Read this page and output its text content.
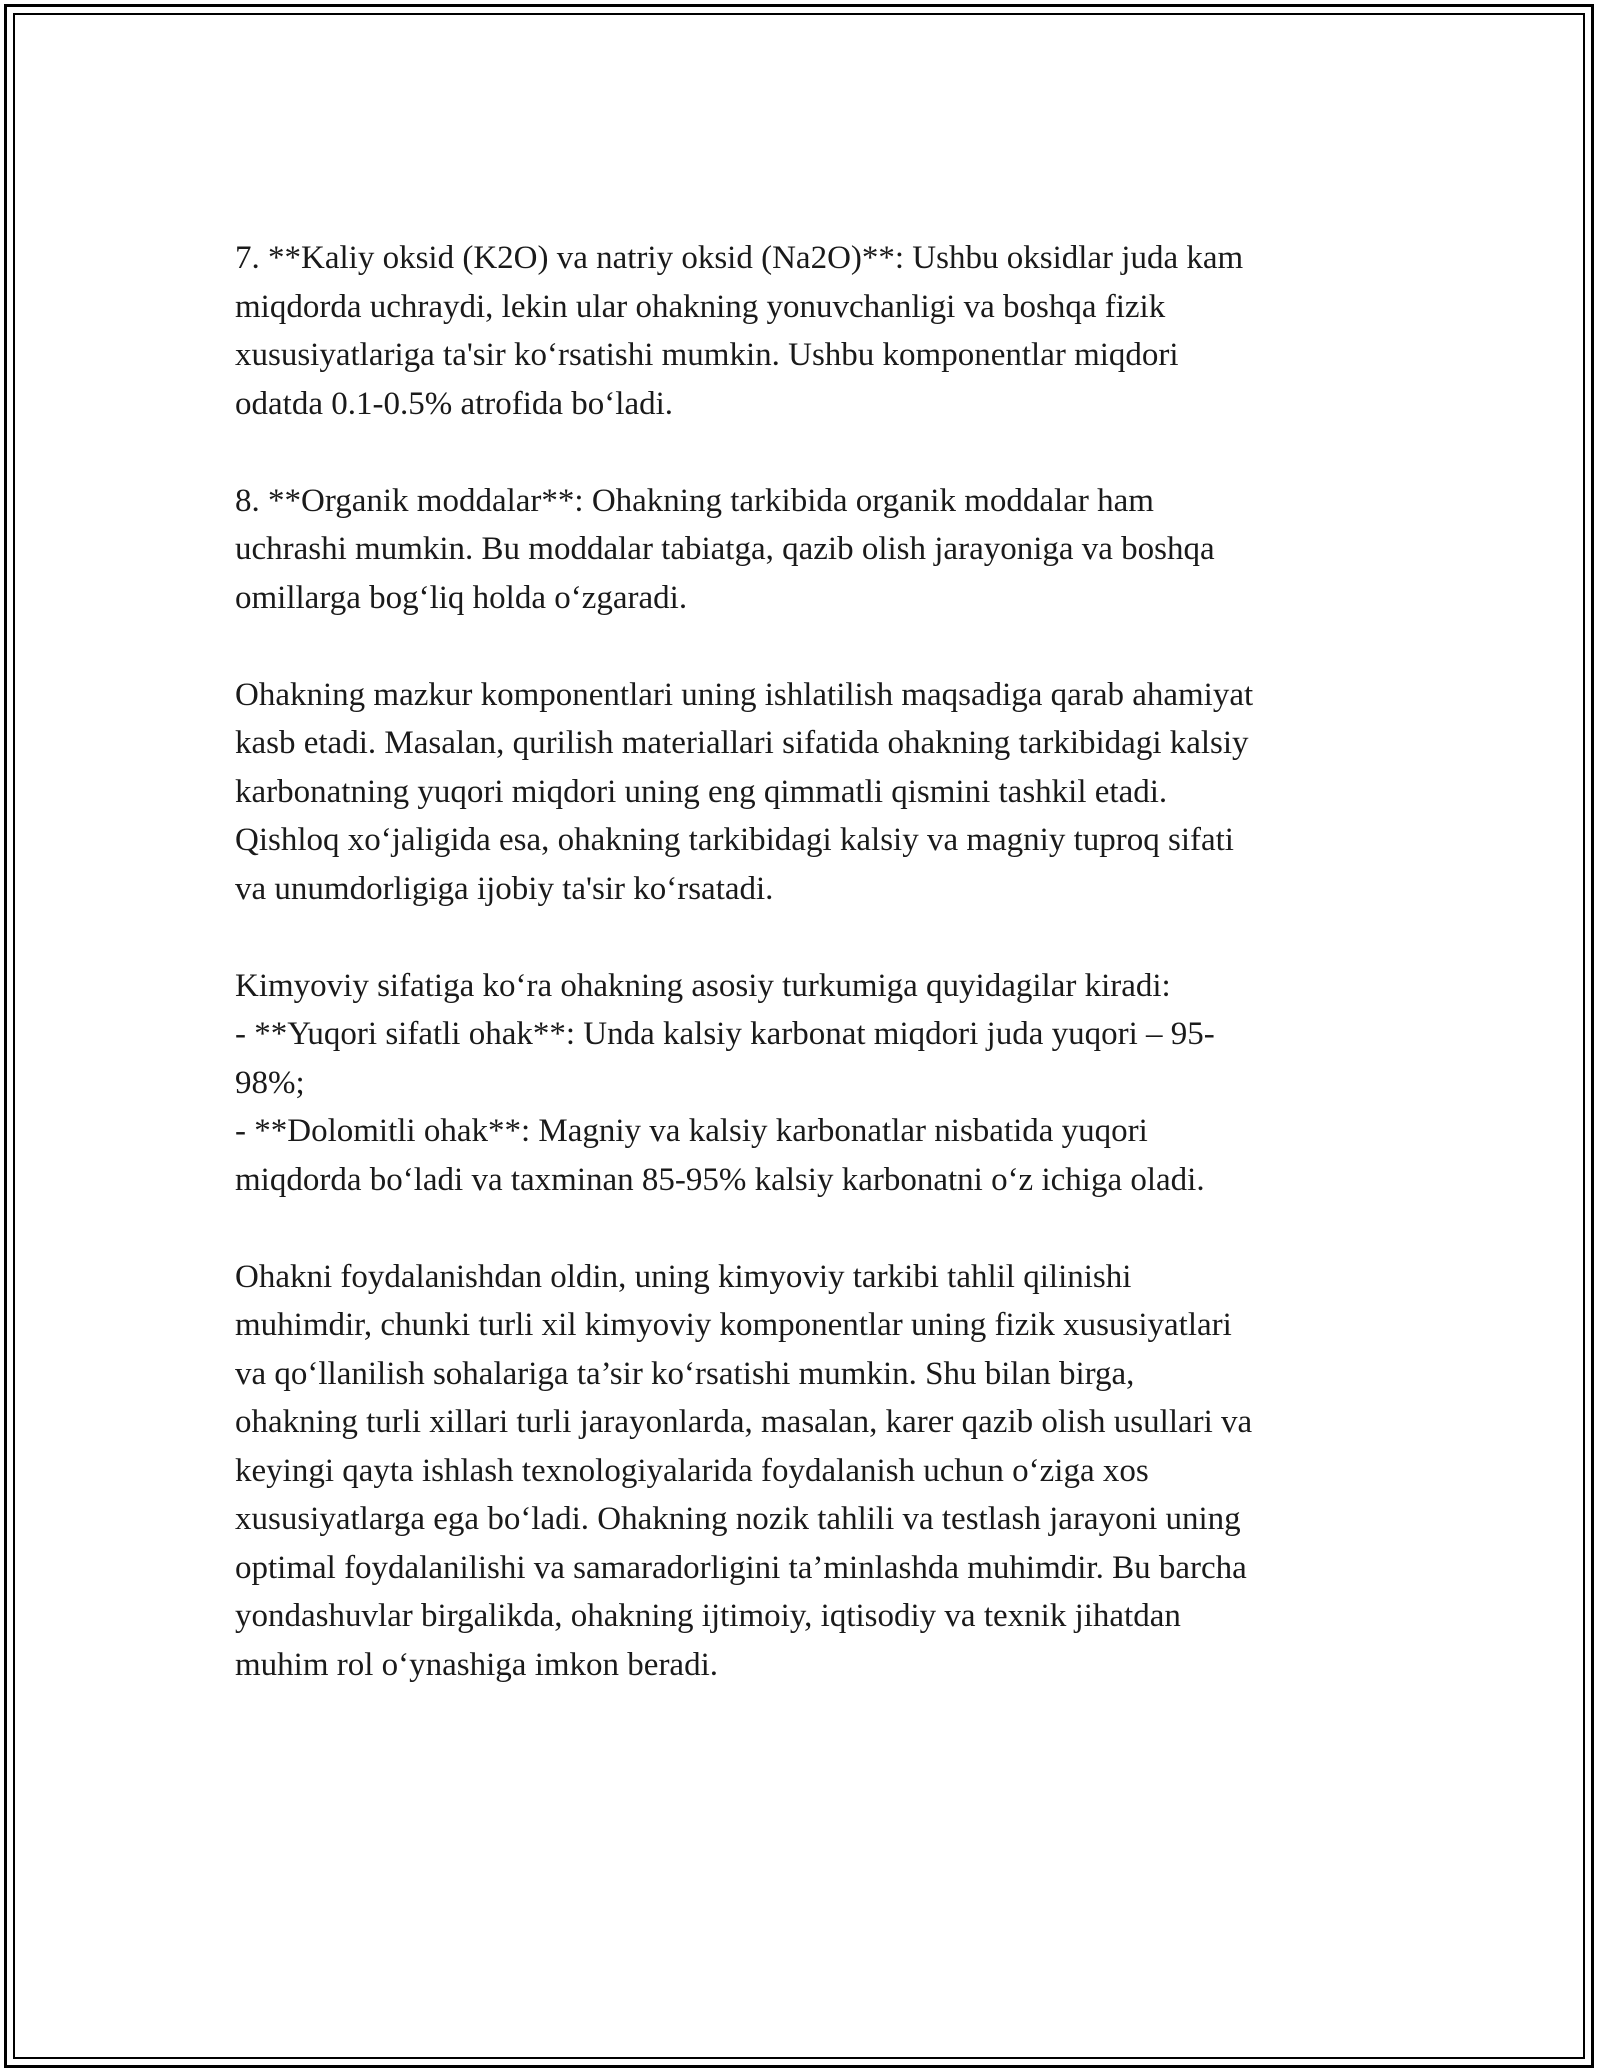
7. **Kaliy oksid (K2O) va natriy oksid (Na2O)**: Ushbu oksidlar juda kam
miqdorda uchraydi, lekin ular ohakning yonuvchanligi va boshqa fizik
xususiyatlariga ta'sir ko‘rsatishi mumkin. Ushbu komponentlar miqdori
odatda 0.1-0.5% atrofida bo‘ladi.

8. **Organik moddalar**: Ohakning tarkibida organik moddalar ham
uchrashi mumkin. Bu moddalar tabiatga, qazib olish jarayoniga va boshqa
omillarga bog‘liq holda o‘zgaradi.

Ohakning mazkur komponentlari uning ishlatilish maqsadiga qarab ahamiyat
kasb etadi. Masalan, qurilish materiallari sifatida ohakning tarkibidagi kalsiy
karbonatning yuqori miqdori uning eng qimmatli qismini tashkil etadi.
Qishloq xo‘jaligida esa, ohakning tarkibidagi kalsiy va magniy tuproq sifati
va unumdorligiga ijobiy ta'sir ko‘rsatadi.

Kimyoviy sifatiga ko‘ra ohakning asosiy turkumiga quyidagilar kiradi:
- **Yuqori sifatli ohak**: Unda kalsiy karbonat miqdori juda yuqori – 95-
98%;
- **Dolomitli ohak**: Magniy va kalsiy karbonatlar nisbatida yuqori
miqdorda bo‘ladi va taxminan 85-95% kalsiy karbonatni o‘z ichiga oladi.

Ohakni foydalanishdan oldin, uning kimyoviy tarkibi tahlil qilinishi
muhimdir, chunki turli xil kimyoviy komponentlar uning fizik xususiyatlari
va qo‘llanilish sohalariga ta’sir ko‘rsatishi mumkin. Shu bilan birga,
ohakning turli xillari turli jarayonlarda, masalan, karer qazib olish usullari va
keyingi qayta ishlash texnologiyalarida foydalanish uchun o‘ziga xos
xususiyatlarga ega bo‘ladi. Ohakning nozik tahlili va testlash jarayoni uning
optimal foydalanilishi va samaradorligini ta’minlashda muhimdir. Bu barcha
yondashuvlar birgalikda, ohakning ijtimoiy, iqtisodiy va texnik jihatdan
muhim rol o‘ynashiga imkon beradi.
